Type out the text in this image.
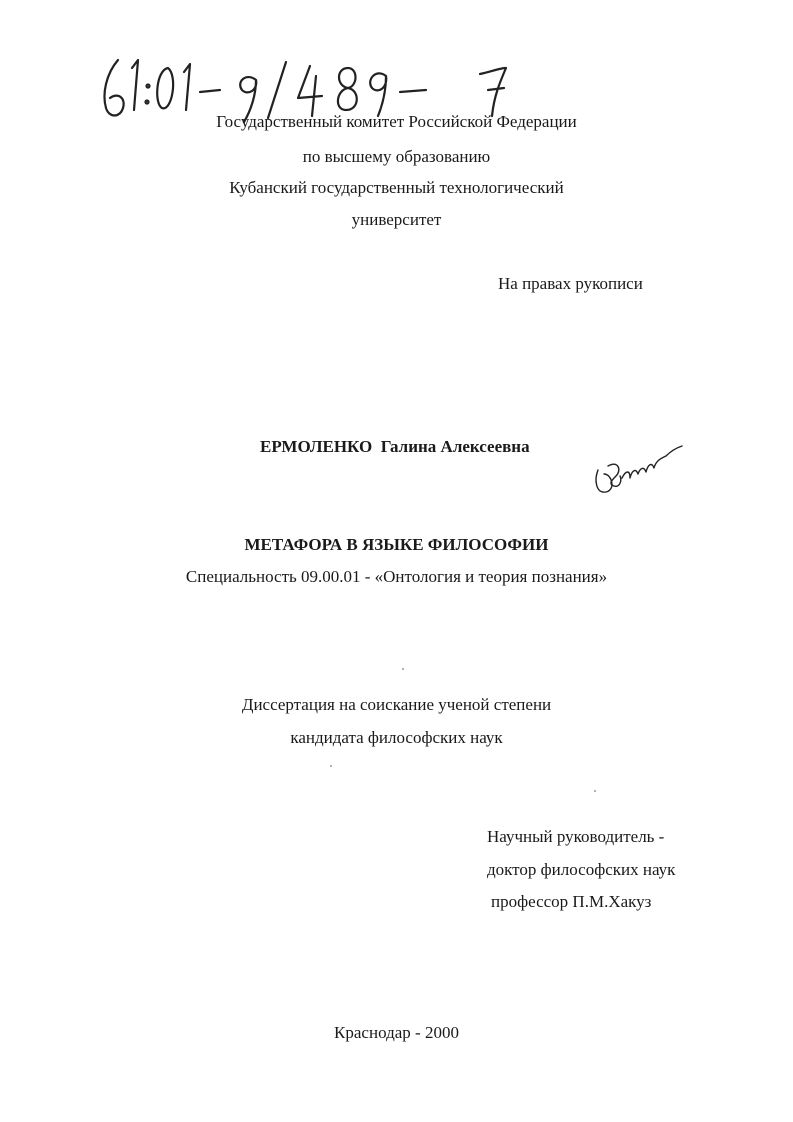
Государственный комитет Российской Федерации
по высшему образованию
Кубанский государственный технологический
университет
На правах рукописи
ЕРМОЛЕНКО Галина Алексеевна
МЕТАФОРА В ЯЗЫКЕ ФИЛОСОФИИ
Специальность 09.00.01 - «Онтология и теория познания»
Диссертация на соискание ученой степени
кандидата философских наук
Научный руководитель -
доктор философских наук
профессор П.М.Хакуз
Краснодар - 2000
